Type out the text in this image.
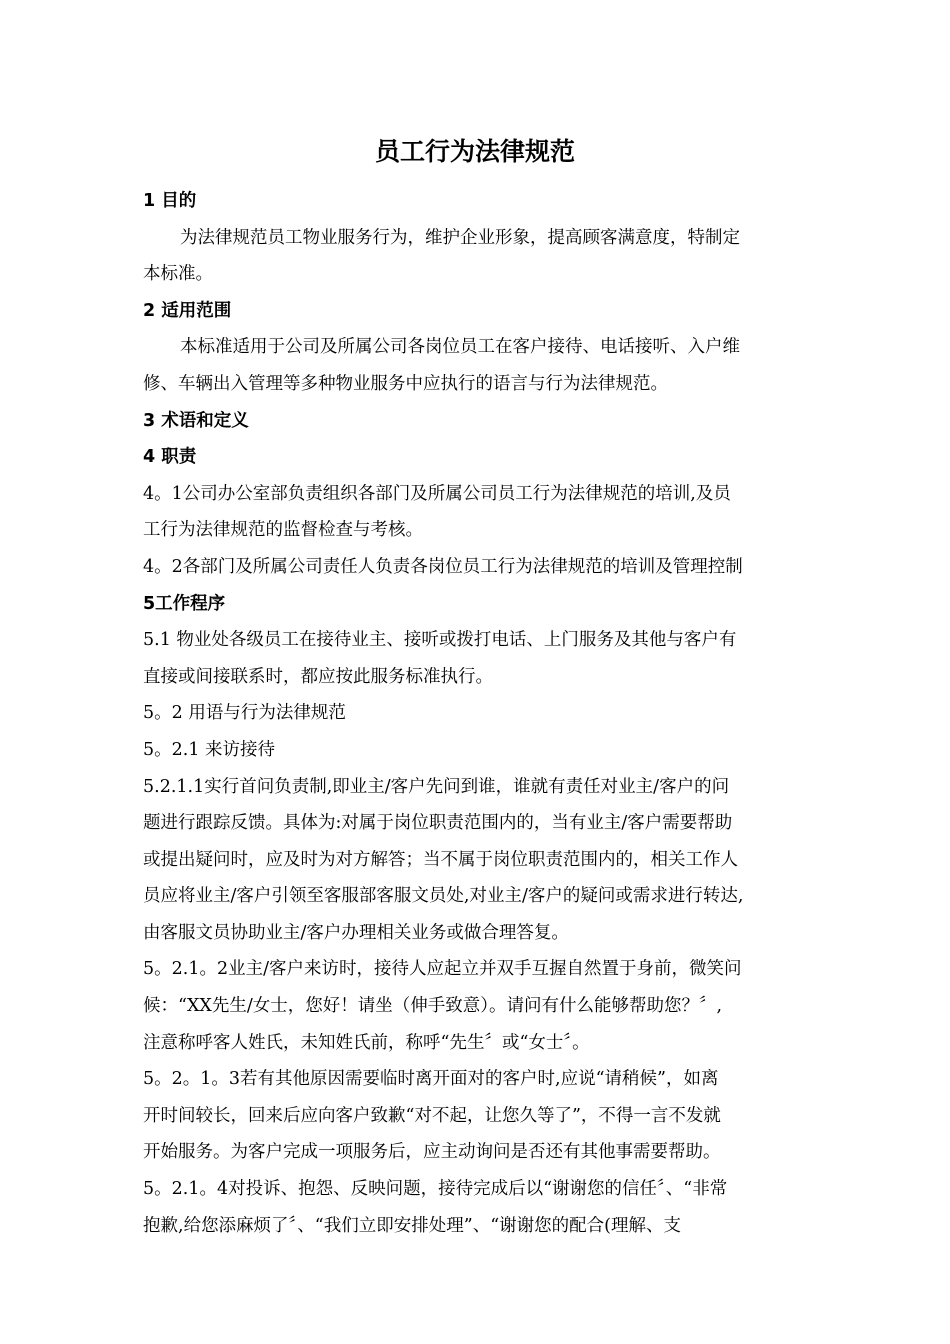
员工行为法律规范
1 目的
为法律规范员工物业服务行为，维护企业形象，提高顾客满意度，特制定
本标准。
2 适用范围
本标准适用于公司及所属公司各岗位员工在客户接待、电话接听、入户维
修、车辆出入管理等多种物业服务中应执行的语言与行为法律规范。
3 术语和定义
4 职责
4。1公司办公室部负责组织各部门及所属公司员工行为法律规范的培训,及员
工行为法律规范的监督检查与考核。
4。2各部门及所属公司责任人负责各岗位员工行为法律规范的培训及管理控制
5工作程序
5.1 物业处各级员工在接待业主、接听或拨打电话、上门服务及其他与客户有
直接或间接联系时，都应按此服务标准执行。
5。2 用语与行为法律规范
5。2.1 来访接待
5.2.1.1实行首问负责制,即业主/客户先问到谁，谁就有责任对业主/客户的问
题进行跟踪反馈。具体为:对属于岗位职责范围内的，当有业主/客户需要帮助
或提出疑问时，应及时为对方解答；当不属于岗位职责范围内的，相关工作人
员应将业主/客户引领至客服部客服文员处,对业主/客户的疑问或需求进行转达,
由客服文员协助业主/客户办理相关业务或做合理答复。
5。2.1。2业主/客户来访时，接待人应起立并双手互握自然置于身前，微笑问
候：“XX先生/女士，您好！请坐（伸手致意）。请问有什么能够帮助您？〞,
注意称呼客人姓氏，未知姓氏前，称呼“先生〞或“女士〞。
5。2。1。3若有其他原因需要临时离开面对的客户时,应说“请稍候”，如离
开时间较长，回来后应向客户致歉“对不起，让您久等了”，不得一言不发就
开始服务。为客户完成一项服务后，应主动询问是否还有其他事需要帮助。
5。2.1。4对投诉、抱怨、反映问题，接待完成后以“谢谢您的信任〞、“非常
抱歉,给您添麻烦了〞、“我们立即安排处理”、“谢谢您的配合(理解、支
